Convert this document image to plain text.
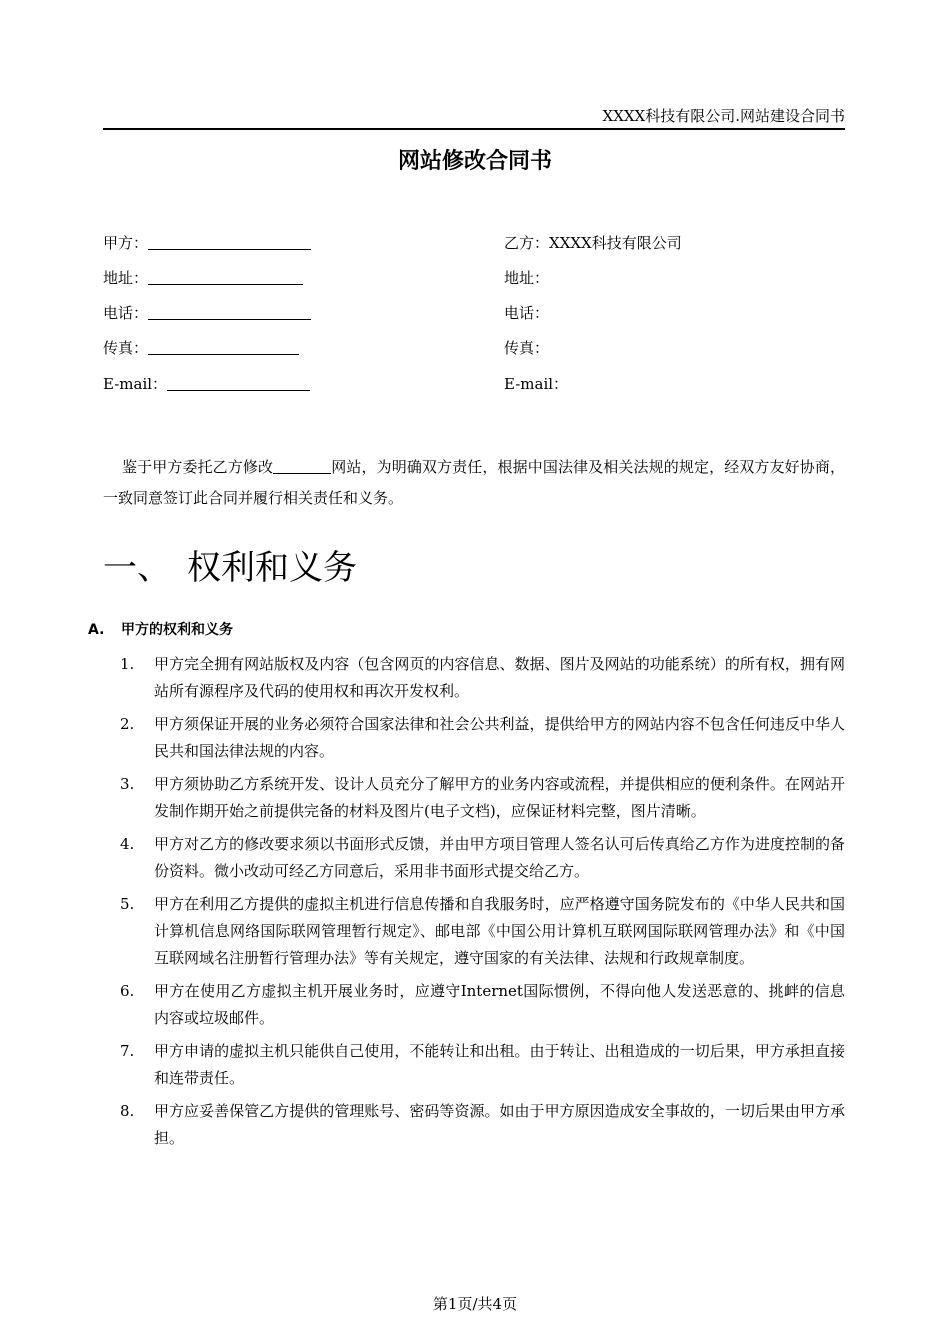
XXXX科技有限公司.网站建设合同书
网站修改合同书
甲方：
地址：
电话：
传真：
E-mail：
乙方：XXXX科技有限公司
地址：
电话：
传真：
E-mail：
鉴于甲方委托乙方修改	网站，为明确双方责任，根据中国法律及相关法规的规定，经双方友好协商，一致同意签订此合同并履行相关责任和义务。
一、 权利和义务
A. 甲方的权利和义务
1. 甲方完全拥有网站版权及内容（包含网页的内容信息、数据、图片及网站的功能系统）的所有权，拥有网站所有源程序及代码的使用权和再次开发权利。
2. 甲方须保证开展的业务必须符合国家法律和社会公共利益，提供给甲方的网站内容不包含任何违反中华人民共和国法律法规的内容。
3. 甲方须协助乙方系统开发、设计人员充分了解甲方的业务内容或流程，并提供相应的便利条件。在网站开发制作期开始之前提供完备的材料及图片(电子文档)，应保证材料完整，图片清晰。
4. 甲方对乙方的修改要求须以书面形式反馈，并由甲方项目管理人签名认可后传真给乙方作为进度控制的备份资料。微小改动可经乙方同意后，采用非书面形式提交给乙方。
5. 甲方在利用乙方提供的虚拟主机进行信息传播和自我服务时，应严格遵守国务院发布的《中华人民共和国计算机信息网络国际联网管理暂行规定》、邮电部《中国公用计算机互联网国际联网管理办法》和《中国互联网域名注册暂行管理办法》等有关规定，遵守国家的有关法律、法规和行政规章制度。
6. 甲方在使用乙方虚拟主机开展业务时，应遵守Internet国际惯例，不得向他人发送恶意的、挑衅的信息内容或垃圾邮件。
7. 甲方申请的虚拟主机只能供自己使用，不能转让和出租。由于转让、出租造成的一切后果，甲方承担直接和连带责任。
8. 甲方应妥善保管乙方提供的管理账号、密码等资源。如由于甲方原因造成安全事故的，一切后果由甲方承担。
第1页/共4页
